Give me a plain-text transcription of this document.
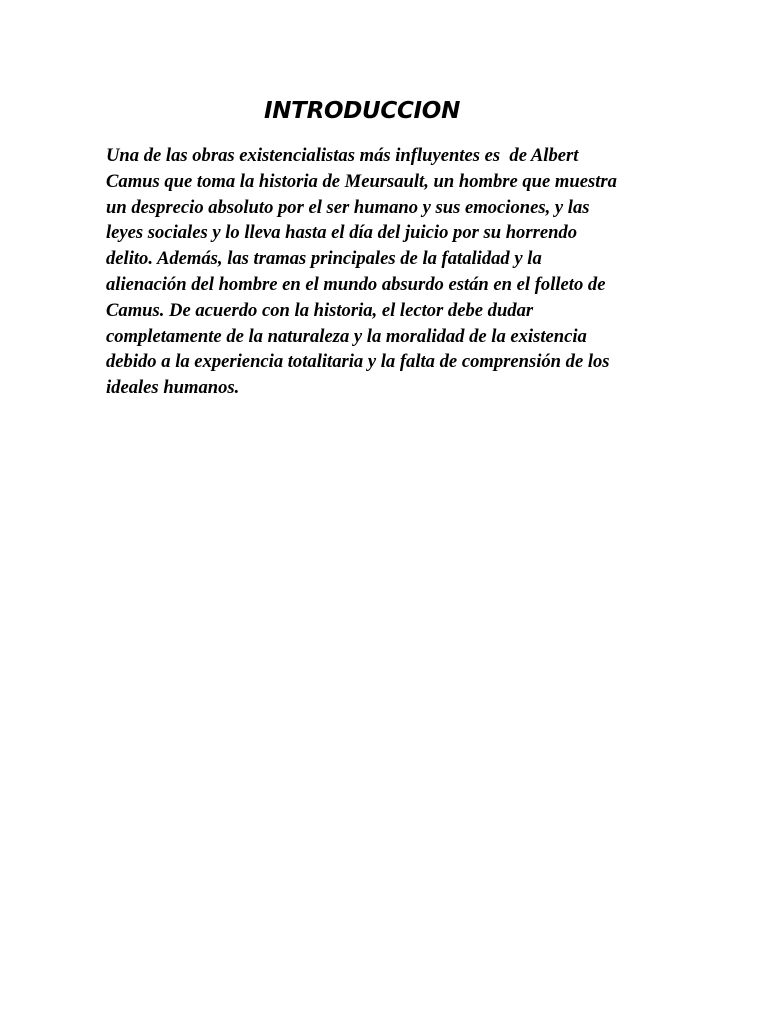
INTRODUCCION

Una de las obras existencialistas más influyentes es  de Albert
Camus que toma la historia de Meursault, un hombre que muestra
un desprecio absoluto por el ser humano y sus emociones, y las
leyes sociales y lo lleva hasta el día del juicio por su horrendo
delito. Además, las tramas principales de la fatalidad y la
alienación del hombre en el mundo absurdo están en el folleto de
Camus. De acuerdo con la historia, el lector debe dudar
completamente de la naturaleza y la moralidad de la existencia
debido a la experiencia totalitaria y la falta de comprensión de los
ideales humanos.
